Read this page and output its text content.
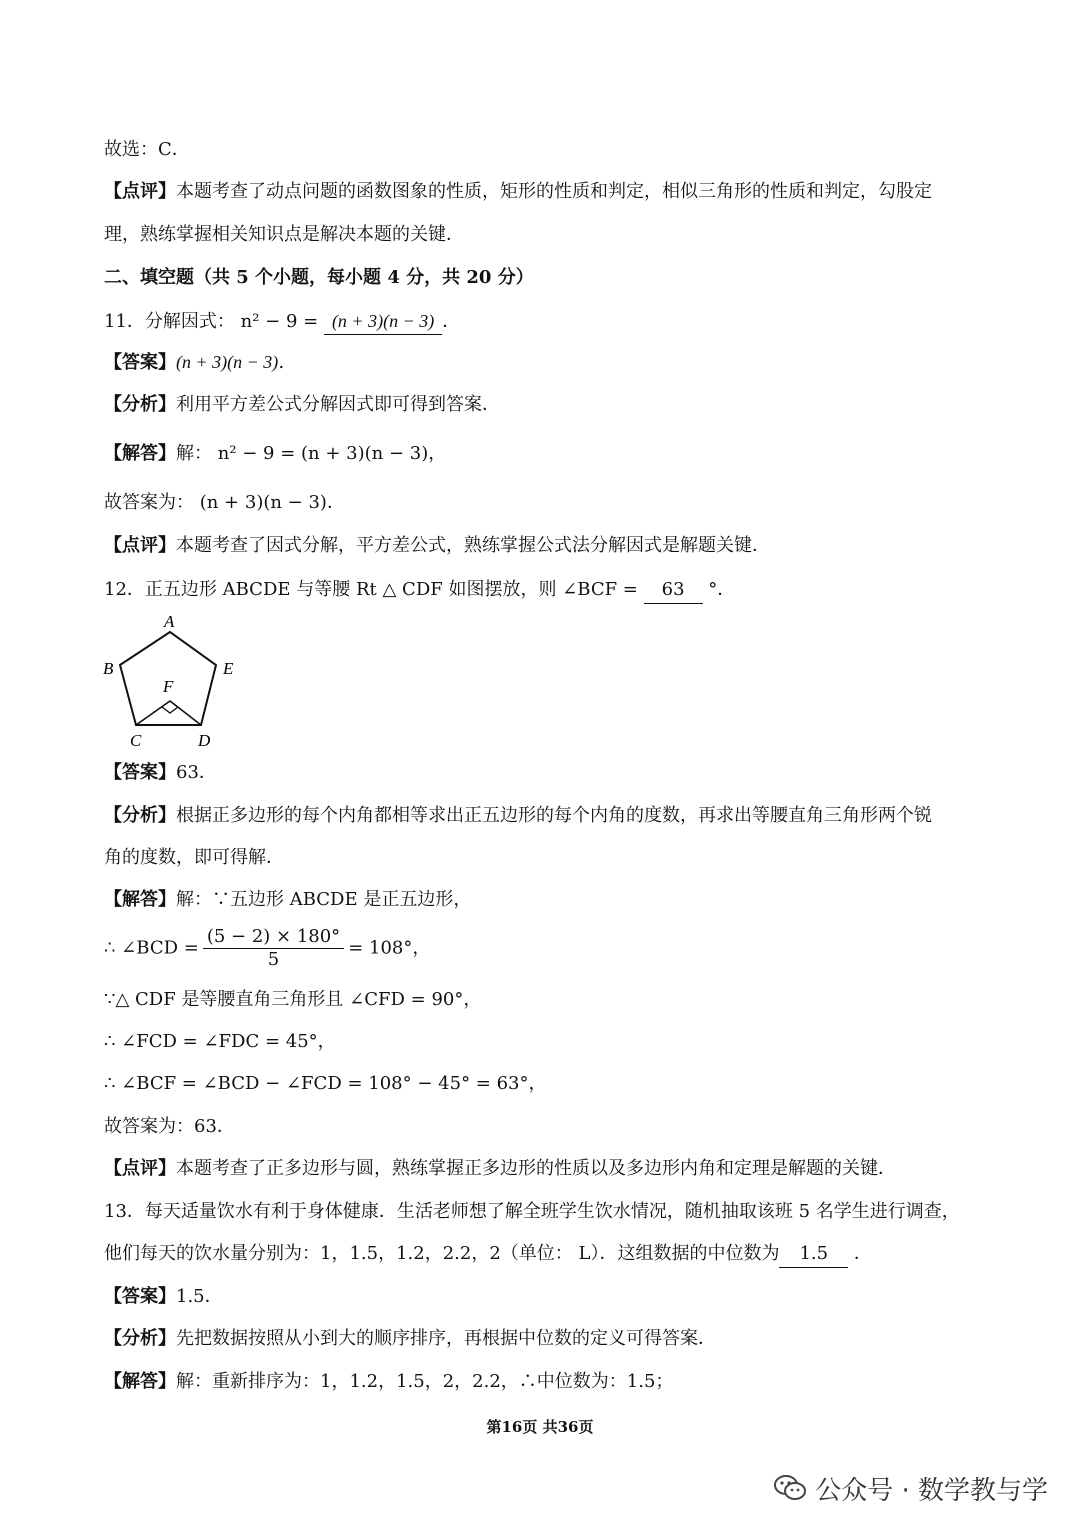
故选：C．
【点评】本题考查了动点问题的函数图象的性质，矩形的性质和判定，相似三角形的性质和判定，勾股定
理，熟练掌握相关知识点是解决本题的关键．
二、填空题（共 5 个小题，每小题 4 分，共 20 分）
11．分解因式： n² − 9 = (n + 3)(n − 3) ．
【答案】(n + 3)(n − 3)．
【分析】利用平方差公式分解因式即可得到答案．
【解答】解： n² − 9 = (n + 3)(n − 3)，
故答案为： (n + 3)(n − 3)．
【点评】本题考查了因式分解，平方差公式，熟练掌握公式法分解因式是解题关键．
12．正五边形 ABCDE 与等腰 Rt △ CDF 如图摆放，则 ∠BCF = 63 °．
A
B	E
F
C	D
【答案】63．
【分析】根据正多边形的每个内角都相等求出正五边形的每个内角的度数，再求出等腰直角三角形两个锐
角的度数，即可得解．
【解答】解：∵五边形 ABCDE 是正五边形，
∴ ∠BCD = $\frac{(5 - 2) \times 180^\circ}{5} = 108^\circ$，
∵△ CDF 是等腰直角三角形且 ∠CFD = 90°，
∴ ∠FCD = ∠FDC = 45°，
∴ ∠BCF = ∠BCD − ∠FCD = 108° − 45° = 63°，
故答案为：63．
【点评】本题考查了正多边形与圆，熟练掌握正多边形的性质以及多边形内角和定理是解题的关键．
13．每天适量饮水有利于身体健康．生活老师想了解全班学生饮水情况，随机抽取该班 5 名学生进行调查，
他们每天的饮水量分别为：1，1.5，1.2，2.2，2（单位： L）．这组数据的中位数为 1.5 ．
【答案】1.5．
【分析】先把数据按照从小到大的顺序排序，再根据中位数的定义可得答案．
【解答】解：重新排序为：1，1.2，1.5，2，2.2，∴中位数为：1.5；
第16页 共36页
公众号 · 数学教与学
